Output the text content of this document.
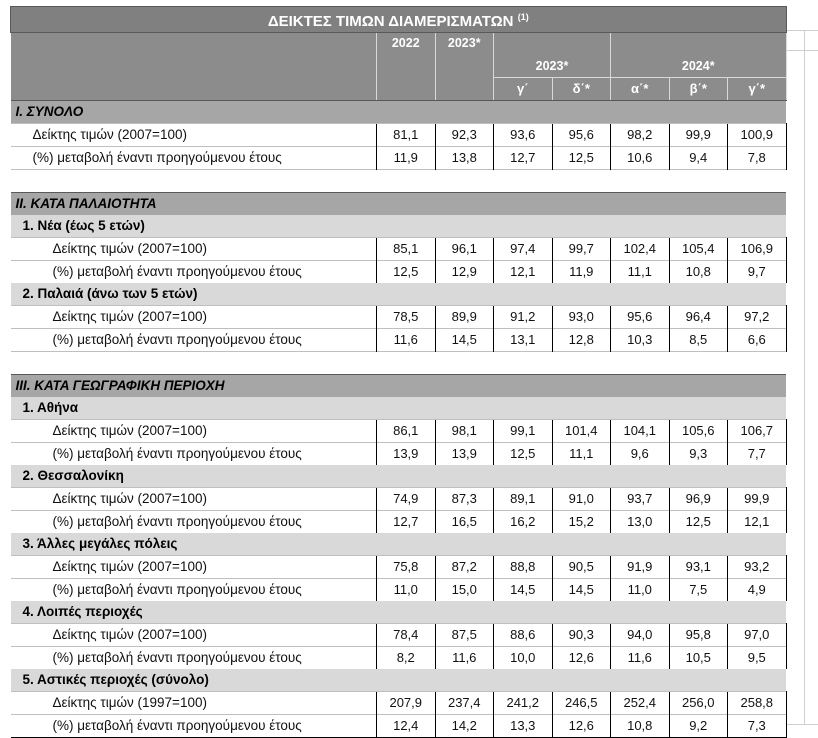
ΔΕΙΚΤΕΣ ΤΙΜΩΝ ΔΙΑΜΕΡΙΣΜΑΤΩΝ $^{(1)}$
	2022	2023*					
			2023*		2024*		
			γ΄	δ΄*	α΄*	β΄*	γ΄*
Ι. ΣΥΝΟΛΟ							
Δείκτης τιμών (2007=100)	81,1	92,3	93,6	95,6	98,2	99,9	100,9
(%) μεταβολή έναντι προηγούμενου έτους	11,9	13,8	12,7	12,5	10,6	9,4	7,8

ΙΙ. ΚΑΤΑ ΠΑΛΑΙΟΤΗΤΑ							
1. Νέα (έως 5 ετών)							
Δείκτης τιμών (2007=100)	85,1	96,1	97,4	99,7	102,4	105,4	106,9
(%) μεταβολή έναντι προηγούμενου έτους	12,5	12,9	12,1	11,9	11,1	10,8	9,7
2. Παλαιά (άνω των 5 ετών)							
Δείκτης τιμών (2007=100)	78,5	89,9	91,2	93,0	95,6	96,4	97,2
(%) μεταβολή έναντι προηγούμενου έτους	11,6	14,5	13,1	12,8	10,3	8,5	6,6

ΙΙΙ. ΚΑΤΑ ΓΕΩΓΡΑΦΙΚΗ ΠΕΡΙΟΧΗ							
1. Αθήνα							
Δείκτης τιμών (2007=100)	86,1	98,1	99,1	101,4	104,1	105,6	106,7
(%) μεταβολή έναντι προηγούμενου έτους	13,9	13,9	12,5	11,1	9,6	9,3	7,7
2. Θεσσαλονίκη							
Δείκτης τιμών (2007=100)	74,9	87,3	89,1	91,0	93,7	96,9	99,9
(%) μεταβολή έναντι προηγούμενου έτους	12,7	16,5	16,2	15,2	13,0	12,5	12,1
3. Άλλες μεγάλες πόλεις							
Δείκτης τιμών (2007=100)	75,8	87,2	88,8	90,5	91,9	93,1	93,2
(%) μεταβολή έναντι προηγούμενου έτους	11,0	15,0	14,5	14,5	11,0	7,5	4,9
4. Λοιπές περιοχές							
Δείκτης τιμών (2007=100)	78,4	87,5	88,6	90,3	94,0	95,8	97,0
(%) μεταβολή έναντι προηγούμενου έτους	8,2	11,6	10,0	12,6	11,6	10,5	9,5
5. Αστικές περιοχές (σύνολο)							
Δείκτης τιμών (1997=100)	207,9	237,4	241,2	246,5	252,4	256,0	258,8
(%) μεταβολή έναντι προηγούμενου έτους	12,4	14,2	13,3	12,6	10,8	9,2	7,3
